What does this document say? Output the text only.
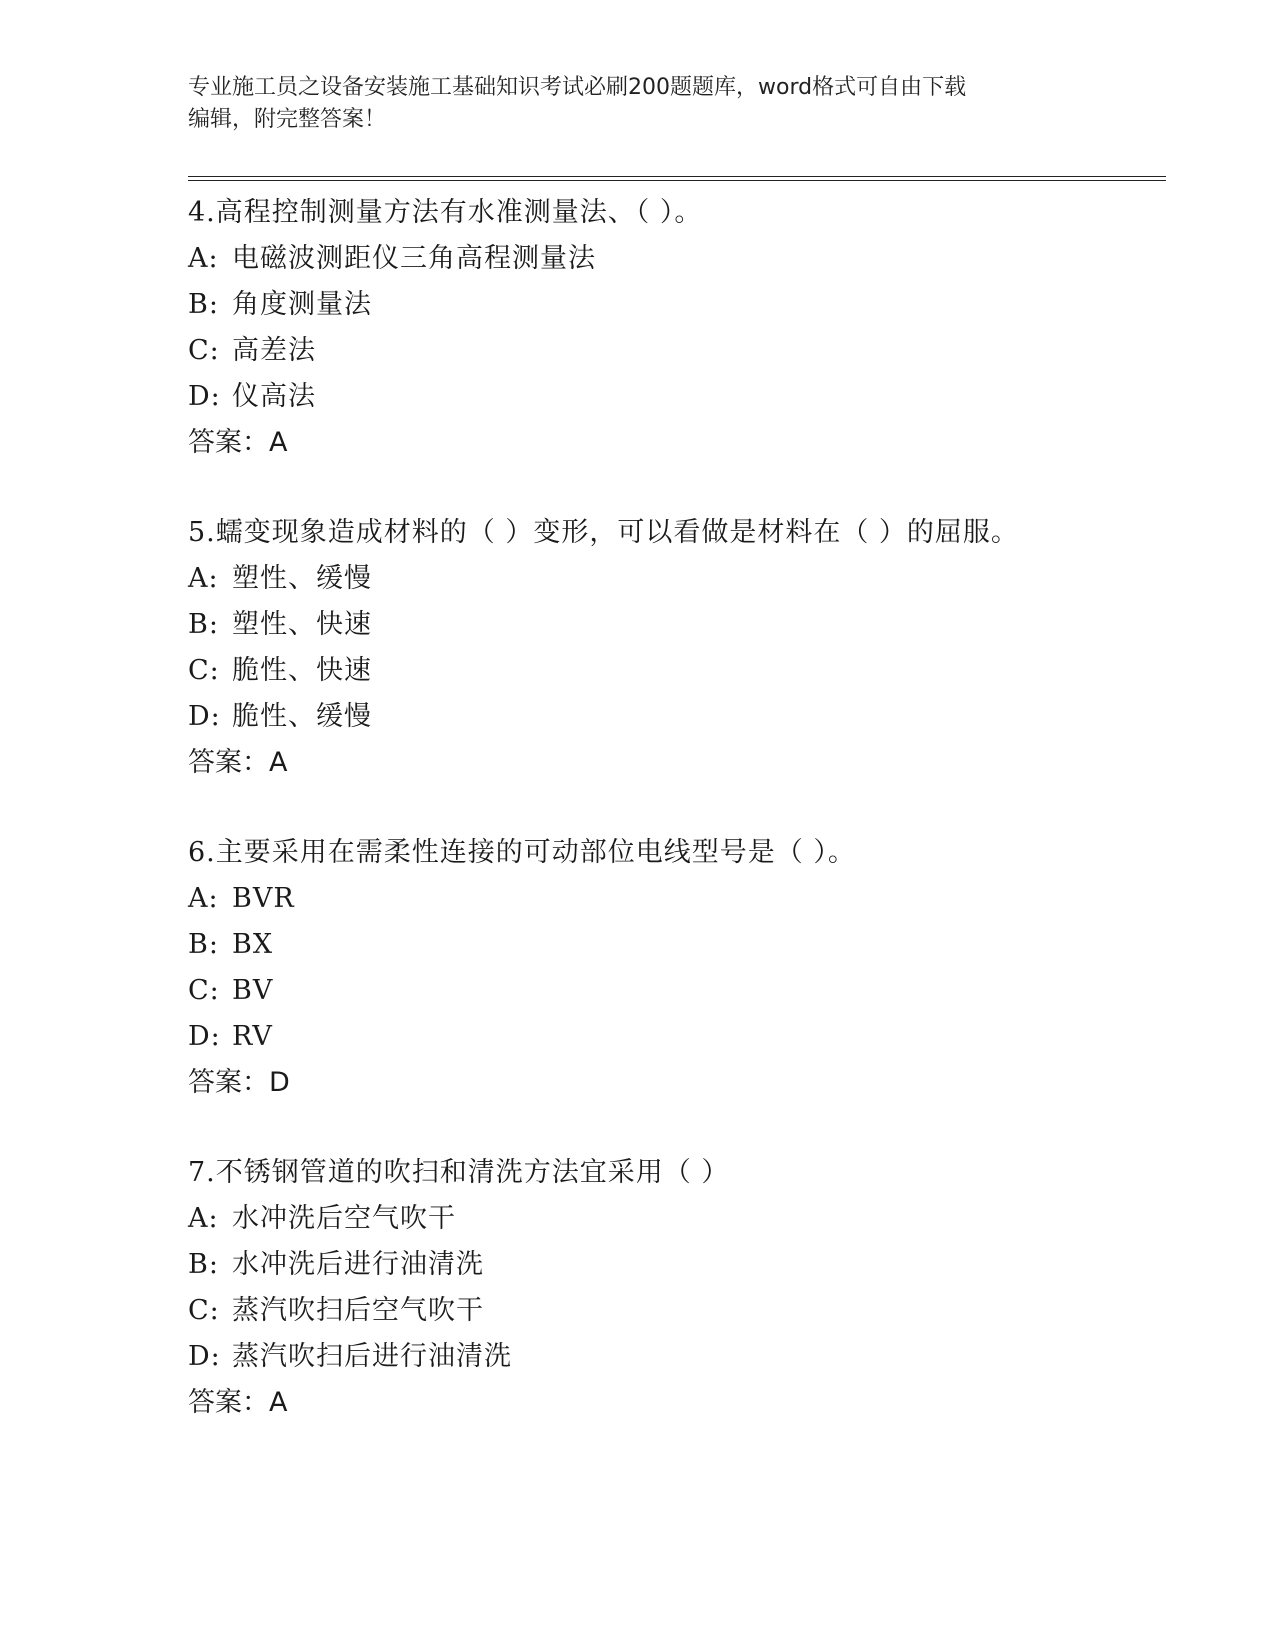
专业施工员之设备安装施工基础知识考试必刷200题题库，word格式可自由下载
编辑，附完整答案！
4.高程控制测量方法有水准测量法、（ ）。
A: 电磁波测距仪三角高程测量法
B: 角度测量法
C: 高差法
D: 仪高法
答案：A
5.蠕变现象造成材料的（ ）变形，可以看做是材料在（ ）的屈服。
A: 塑性、缓慢
B: 塑性、快速
C: 脆性、快速
D: 脆性、缓慢
答案：A
6.主要采用在需柔性连接的可动部位电线型号是（ ）。
A: BVR
B: BX
C: BV
D: RV
答案：D
7.不锈钢管道的吹扫和清洗方法宜采用（ ）
A: 水冲洗后空气吹干
B: 水冲洗后进行油清洗
C: 蒸汽吹扫后空气吹干
D: 蒸汽吹扫后进行油清洗
答案：A
